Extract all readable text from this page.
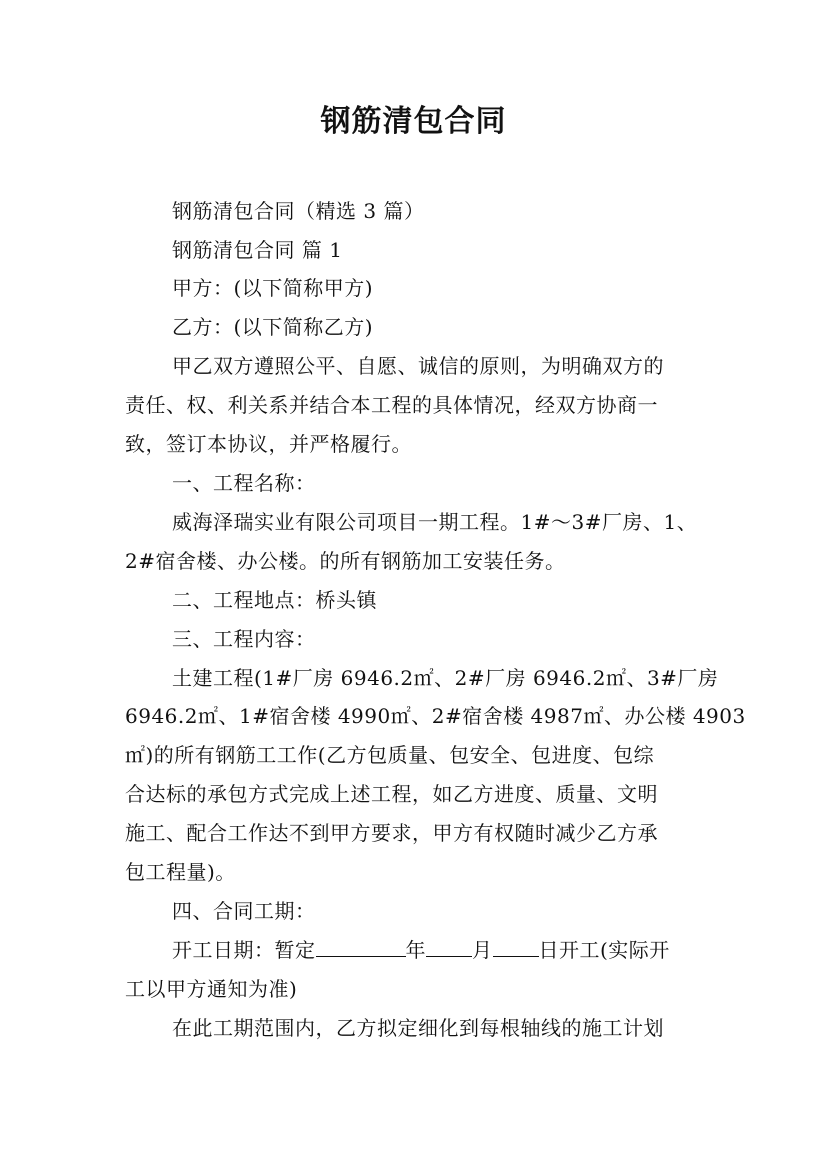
钢筋清包合同
钢筋清包合同（精选 3 篇）
钢筋清包合同 篇 1
甲方：(以下简称甲方)
乙方：(以下简称乙方)
甲乙双方遵照公平、自愿、诚信的原则，为明确双方的
责任、权、利关系并结合本工程的具体情况，经双方协商一
致，签订本协议，并严格履行。
一、工程名称：
威海泽瑞实业有限公司项目一期工程。1#～3#厂房、1、
2#宿舍楼、办公楼。的所有钢筋加工安装任务。
二、工程地点：桥头镇
三、工程内容：
土建工程(1#厂房 6946.2㎡、2#厂房 6946.2㎡、3#厂房
6946.2㎡、1#宿舍楼 4990㎡、2#宿舍楼 4987㎡、办公楼 4903
㎡)的所有钢筋工工作(乙方包质量、包安全、包进度、包综
合达标的承包方式完成上述工程，如乙方进度、质量、文明
施工、配合工作达不到甲方要求，甲方有权随时减少乙方承
包工程量)。
四、合同工期：
开工日期：暂定	年 月 日开工(实际开
工以甲方通知为准)
在此工期范围内，乙方拟定细化到每根轴线的施工计划
